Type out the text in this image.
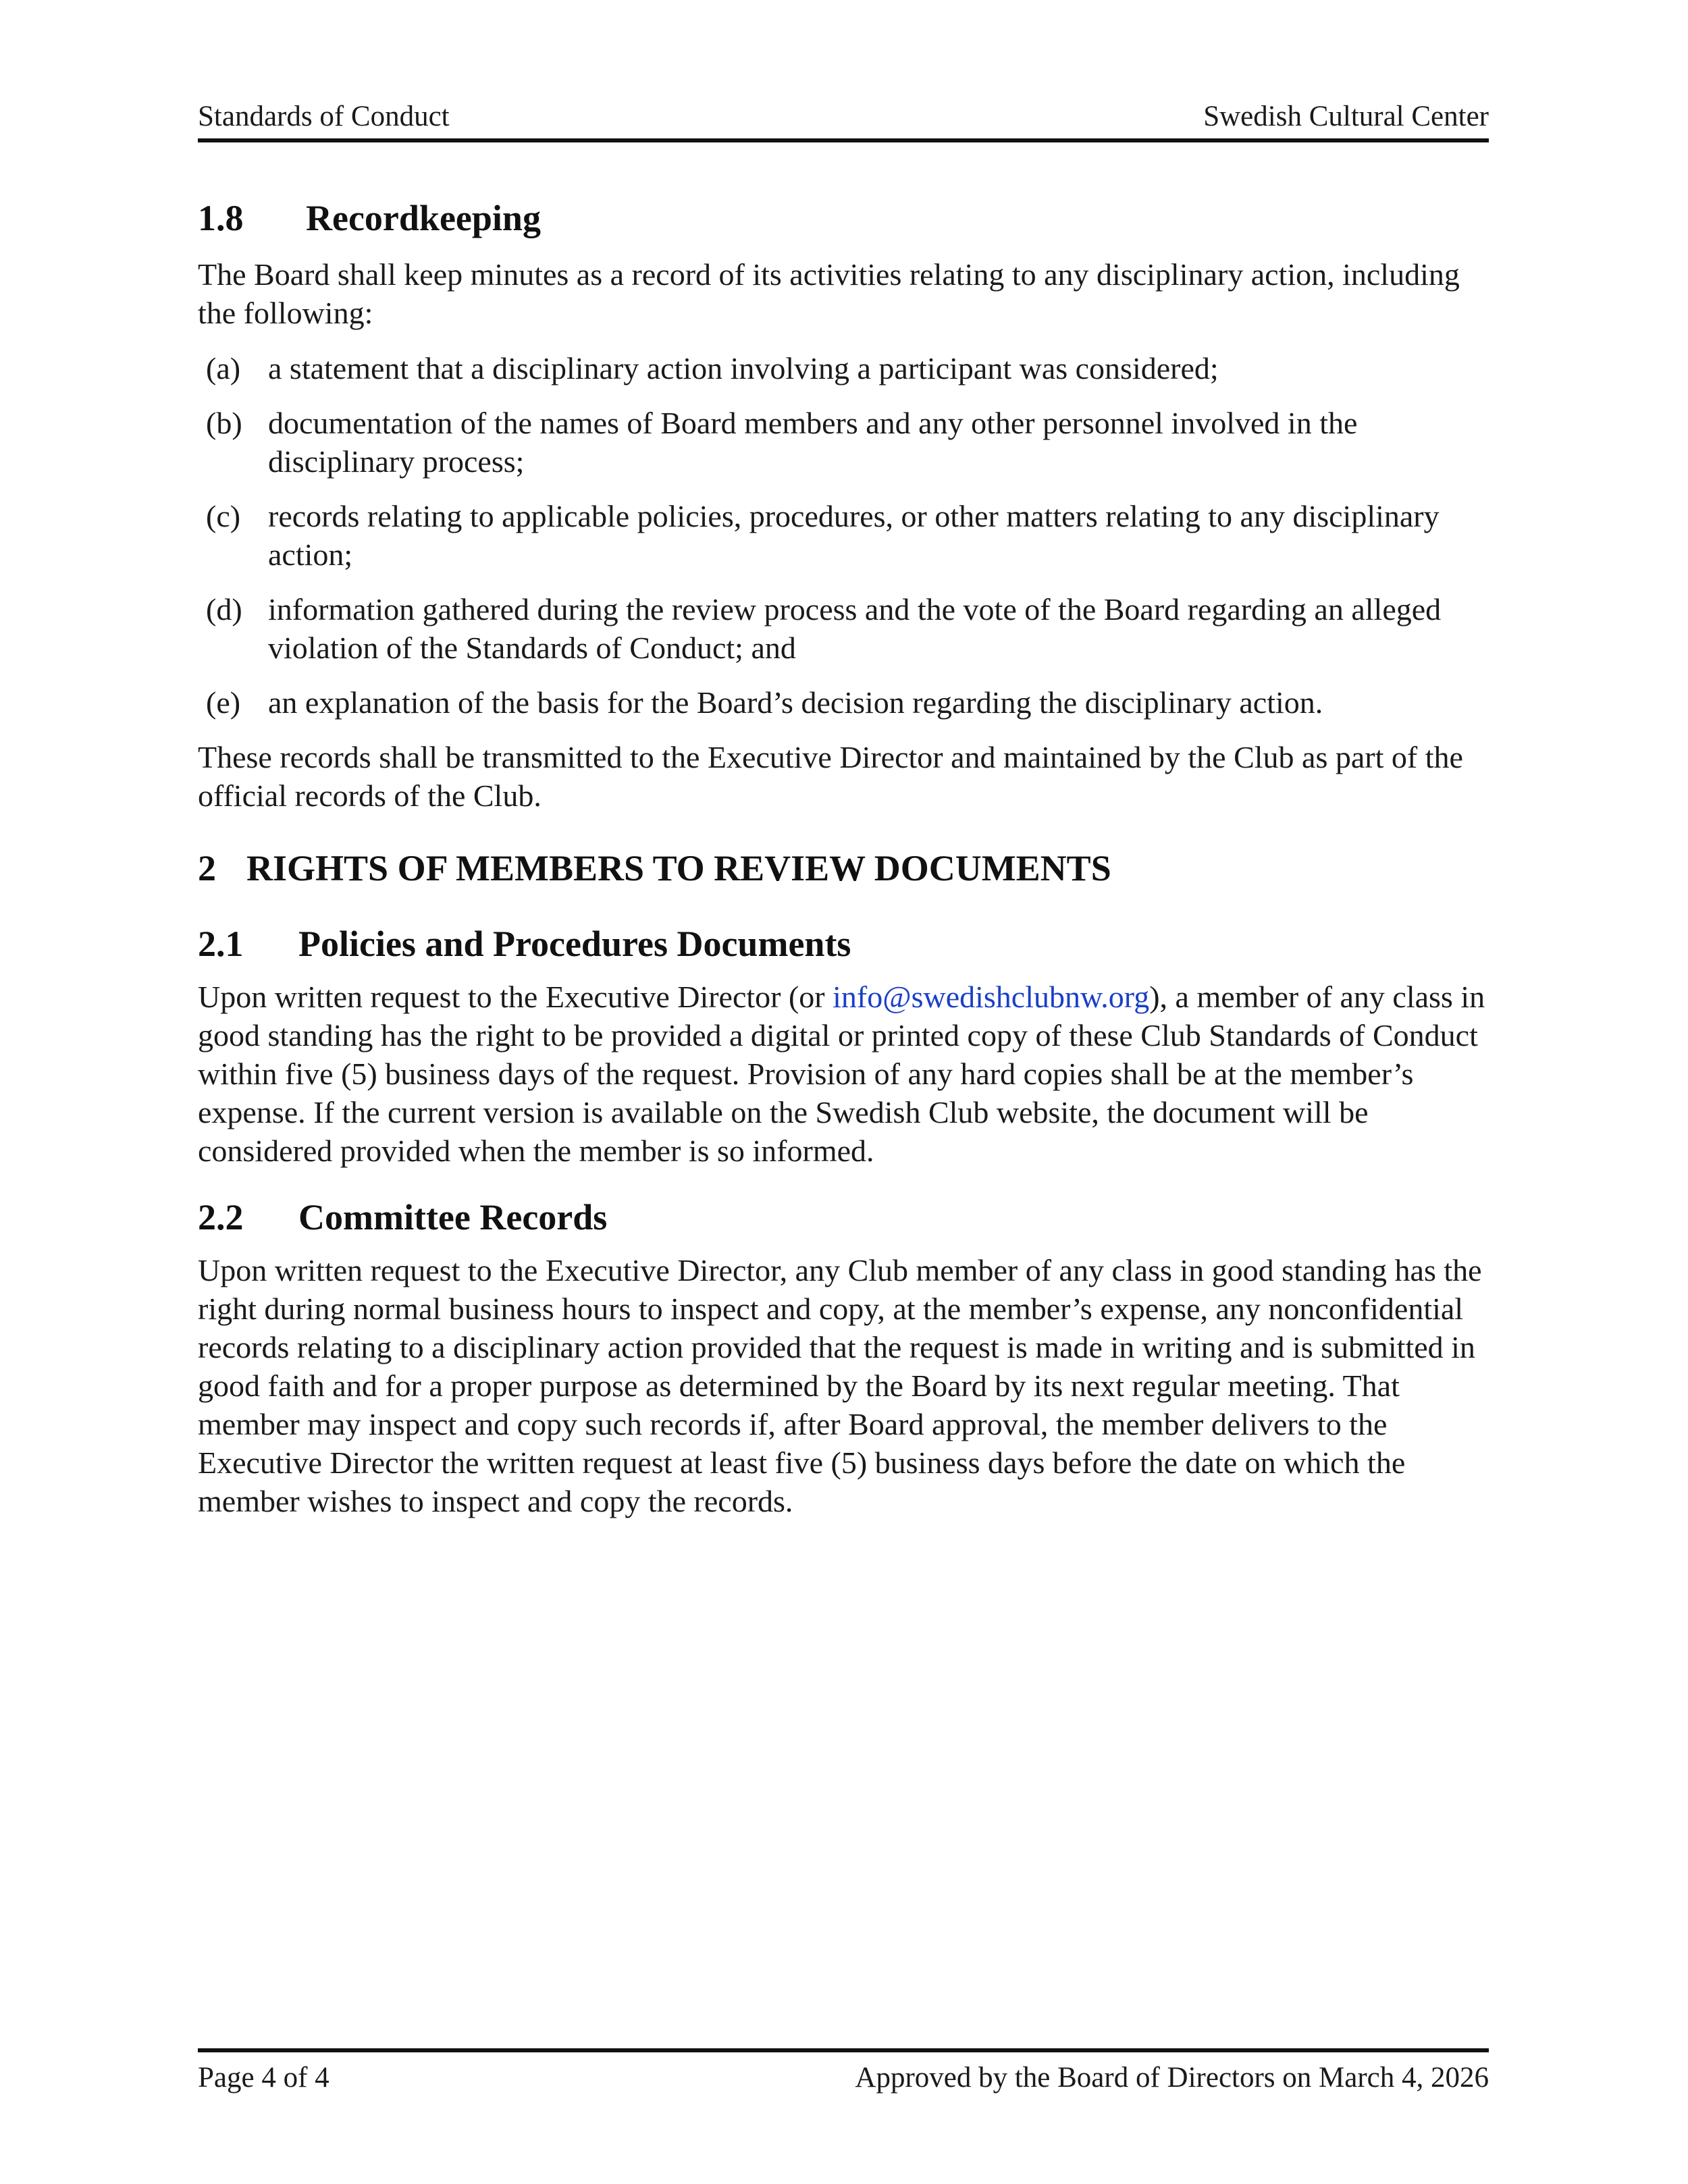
Standards of Conduct	Swedish Cultural Center
1.8 Recordkeeping

The Board shall keep minutes as a record of its activities relating to any disciplinary action, including the following:

(a) a statement that a disciplinary action involving a participant was considered;
(b) documentation of the names of Board members and any other personnel involved in the disciplinary process;
(c) records relating to applicable policies, procedures, or other matters relating to any disciplinary action;
(d) information gathered during the review process and the vote of the Board regarding an alleged violation of the Standards of Conduct; and
(e) an explanation of the basis for the Board’s decision regarding the disciplinary action.

These records shall be transmitted to the Executive Director and maintained by the Club as part of the official records of the Club.

2 RIGHTS OF MEMBERS TO REVIEW DOCUMENTS
2.1 Policies and Procedures Documents

Upon written request to the Executive Director (or info@swedishclubnw.org), a member of any class in good standing has the right to be provided a digital or printed copy of these Club Standards of Conduct within five (5) business days of the request. Provision of any hard copies shall be at the member’s expense. If the current version is available on the Swedish Club website, the document will be considered provided when the member is so informed.

2.2 Committee Records

Upon written request to the Executive Director, any Club member of any class in good standing has the right during normal business hours to inspect and copy, at the member’s expense, any nonconfidential records relating to a disciplinary action provided that the request is made in writing and is submitted in good faith and for a proper purpose as determined by the Board by its next regular meeting. That member may inspect and copy such records if, after Board approval, the member delivers to the Executive Director the written request at least five (5) business days before the date on which the member wishes to inspect and copy the records.

Page 4 of 4	Approved by the Board of Directors on March 4, 2026
